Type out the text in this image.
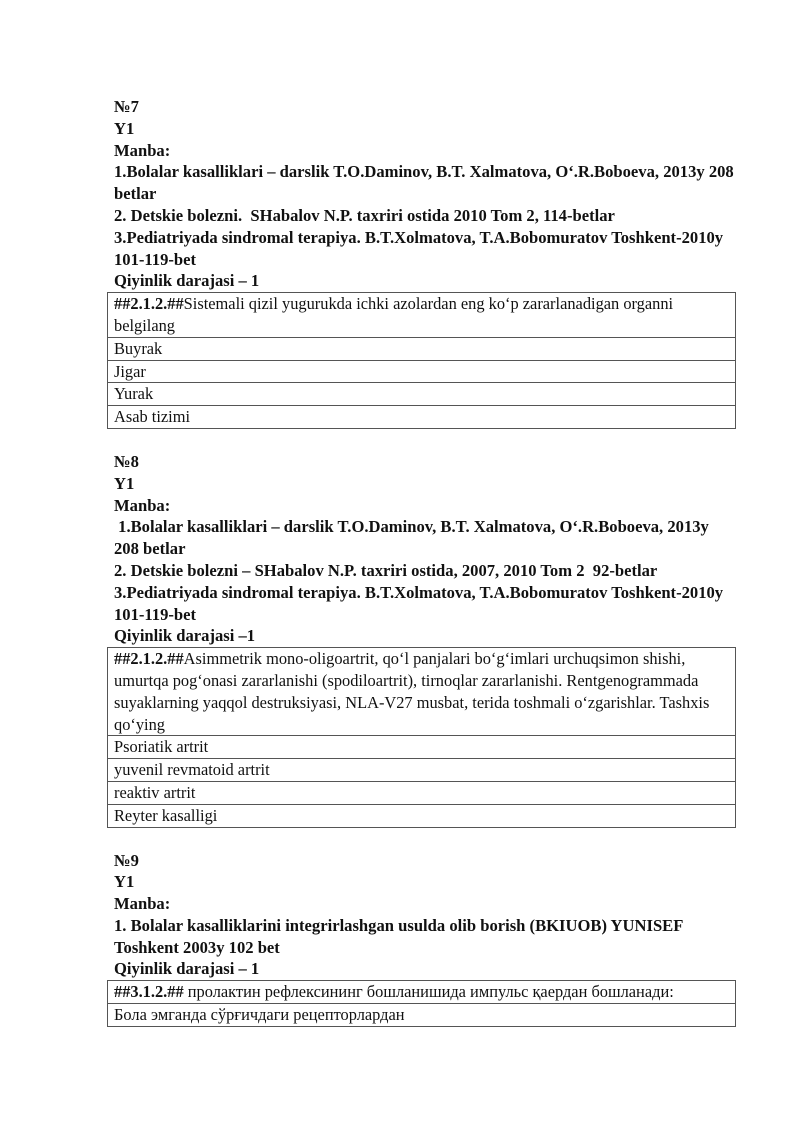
№7

Y1

Manba:

1.Bolalar kasalliklari – darslik T.O.Daminov, B.T. Xalmatova, O‘.R.Boboeva, 2013y 208 betlar

2. Detskie bolezni.  SHabalov N.P. taxriri ostida 2010 Tom 2, 114-betlar

3.Pediatriyada sindromal terapiya. B.T.Xolmatova, T.A.Bobomuratov Toshkent-2010y 101-119-bet

Qiyinlik darajasi – 1

##2.1.2.##Sistemali qizil yugurukda ichki azolardan eng ko‘p zararlanadigan organni belgilang
Buyrak
Jigar
Yurak
Asab tizimi

№8

Y1

Manba:

1.Bolalar kasalliklari – darslik T.O.Daminov, B.T. Xalmatova, O‘.R.Boboeva, 2013y 208 betlar

2. Detskie bolezni – SHabalov N.P. taxriri ostida, 2007, 2010 Tom 2  92-betlar

3.Pediatriyada sindromal terapiya. B.T.Xolmatova, T.A.Bobomuratov Toshkent-2010y 101-119-bet

Qiyinlik darajasi –1

##2.1.2.##Asimmetrik mono-oligoartrit, qo‘l panjalari bo‘g‘imlari urchuqsimon shishi, umurtqa pog‘onasi zararlanishi (spodiloartrit), tirnoqlar zararlanishi. Rentgenogrammada suyaklarning yaqqol destruksiyasi, NLA-V27 musbat, terida toshmali o‘zgarishlar. Tashxis qo‘ying
Psoriatik artrit
yuvenil revmatoid artrit
reaktiv artrit
Reyter kasalligi

№9

Y1

Manba:

1. Bolalar kasalliklarini integrirlashgan usulda olib borish (BKIUOB) YUNISEF Toshkent 2003y 102 bet

Qiyinlik darajasi – 1

##3.1.2.## пролактин рефлексининг бошланишида импульс қаердан бошланади:
Бола эмганда сўрғичдаги рецепторлардан
